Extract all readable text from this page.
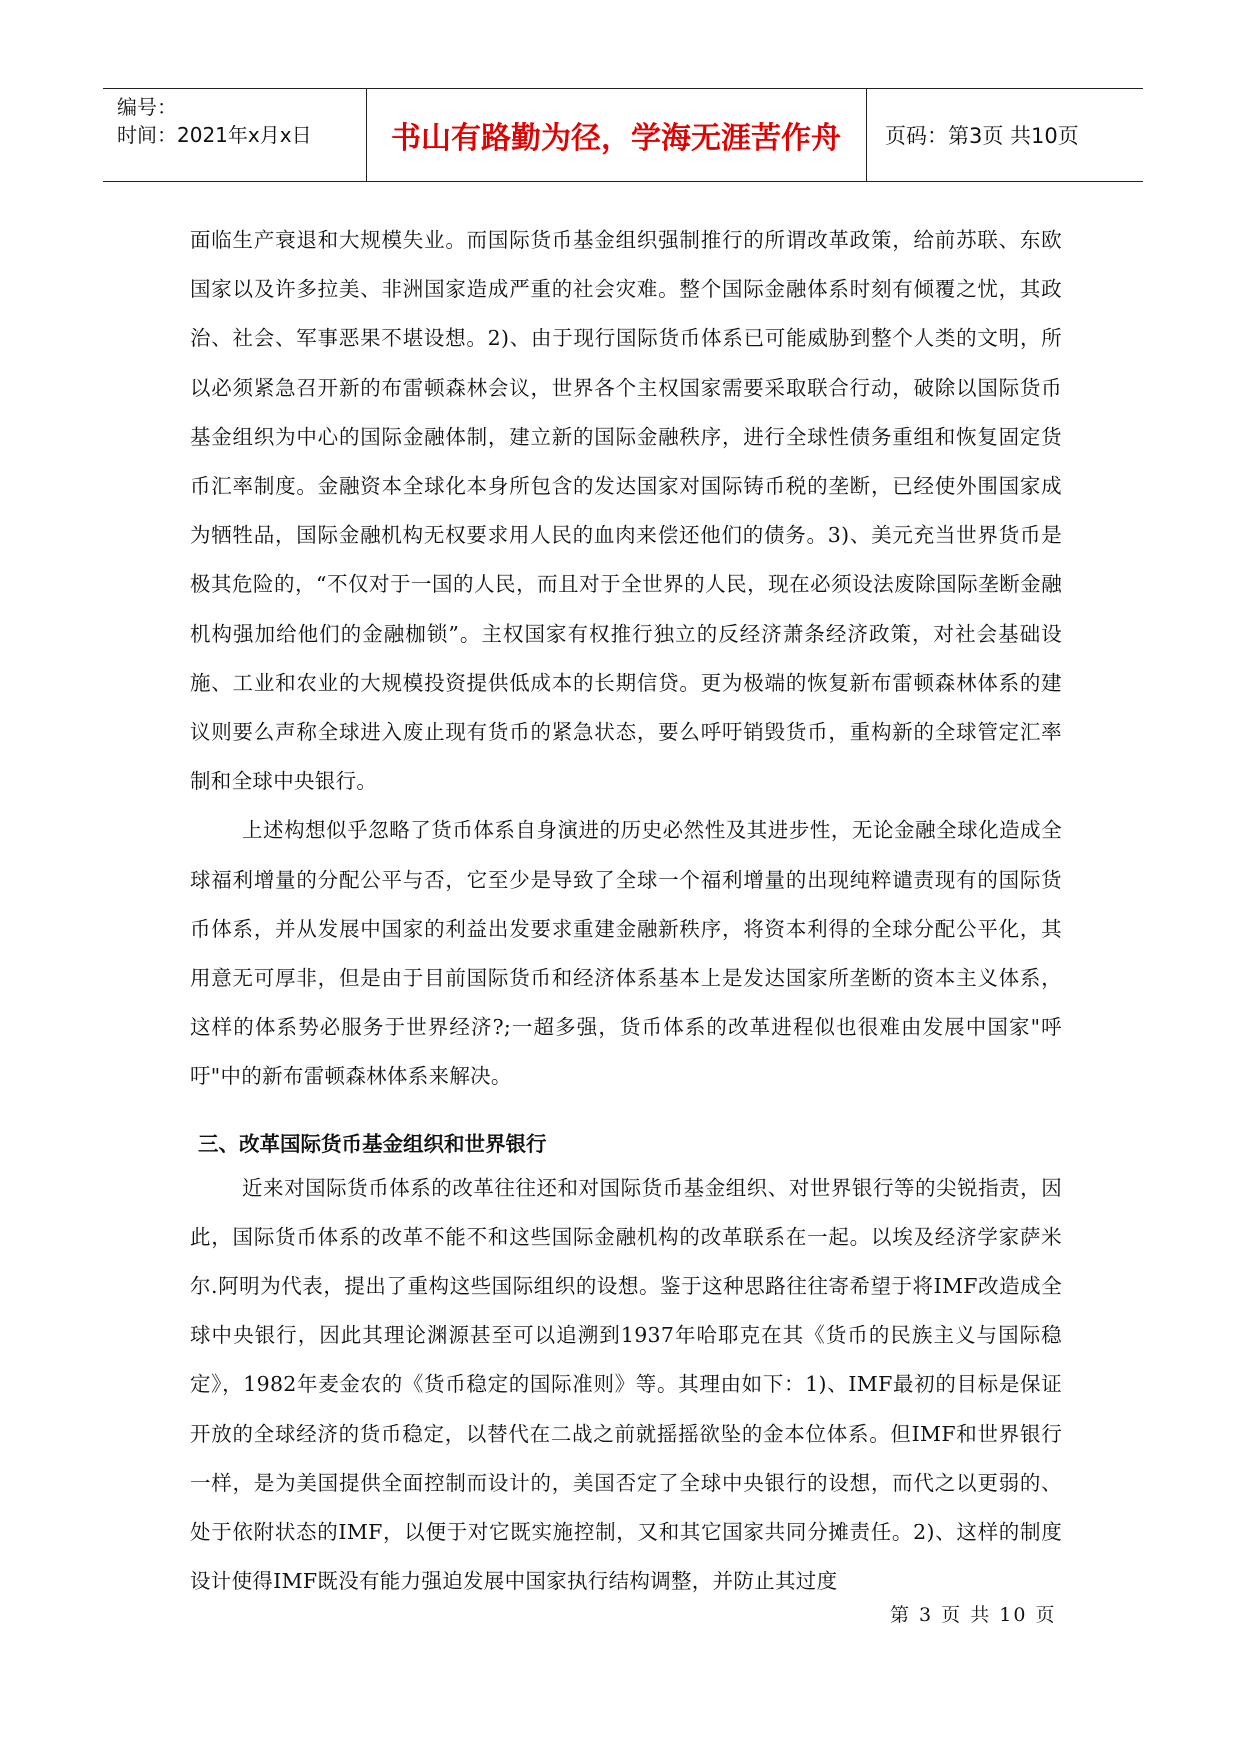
编号：
时间：2021年x月x日	书山有路勤为径，学海无涯苦作舟	页码：第3页 共10页

面临生产衰退和大规模失业。而国际货币基金组织强制推行的所谓改革政策，给前苏联、东欧国家以及许多拉美、非洲国家造成严重的社会灾难。整个国际金融体系时刻有倾覆之忧，其政治、社会、军事恶果不堪设想。2)、由于现行国际货币体系已可能威胁到整个人类的文明，所以必须紧急召开新的布雷顿森林会议，世界各个主权国家需要采取联合行动，破除以国际货币基金组织为中心的国际金融体制，建立新的国际金融秩序，进行全球性债务重组和恢复固定货币汇率制度。金融资本全球化本身所包含的发达国家对国际铸币税的垄断，已经使外围国家成为牺牲品，国际金融机构无权要求用人民的血肉来偿还他们的债务。3)、美元充当世界货币是极其危险的，“不仅对于一国的人民，而且对于全世界的人民，现在必须设法废除国际垄断金融机构强加给他们的金融枷锁”。主权国家有权推行独立的反经济萧条经济政策，对社会基础设施、工业和农业的大规模投资提供低成本的长期信贷。更为极端的恢复新布雷顿森林体系的建议则要么声称全球进入废止现有货币的紧急状态，要么呼吁销毁货币，重构新的全球管定汇率制和全球中央银行。

上述构想似乎忽略了货币体系自身演进的历史必然性及其进步性，无论金融全球化造成全球福利增量的分配公平与否，它至少是导致了全球一个福利增量的出现纯粹谴责现有的国际货币体系，并从发展中国家的利益出发要求重建金融新秩序，将资本利得的全球分配公平化，其用意无可厚非，但是由于目前国际货币和经济体系基本上是发达国家所垄断的资本主义体系，这样的体系势必服务于世界经济?;一超多强，货币体系的改革进程似也很难由发展中国家"呼吁"中的新布雷顿森林体系来解决。

三、改革国际货币基金组织和世界银行

近来对国际货币体系的改革往往还和对国际货币基金组织、对世界银行等的尖锐指责，因此，国际货币体系的改革不能不和这些国际金融机构的改革联系在一起。以埃及经济学家萨米尔.阿明为代表，提出了重构这些国际组织的设想。鉴于这种思路往往寄希望于将IMF改造成全球中央银行，因此其理论渊源甚至可以追溯到1937年哈耶克在其《货币的民族主义与国际稳定》，1982年麦金农的《货币稳定的国际准则》等。其理由如下：1)、IMF最初的目标是保证开放的全球经济的货币稳定，以替代在二战之前就摇摇欲坠的金本位体系。但IMF和世界银行一样，是为美国提供全面控制而设计的，美国否定了全球中央银行的设想，而代之以更弱的、处于依附状态的IMF，以便于对它既实施控制，又和其它国家共同分摊责任。2)、这样的制度设计使得IMF既没有能力强迫发展中国家执行结构调整，并防止其过度

第 3 页 共 10 页
